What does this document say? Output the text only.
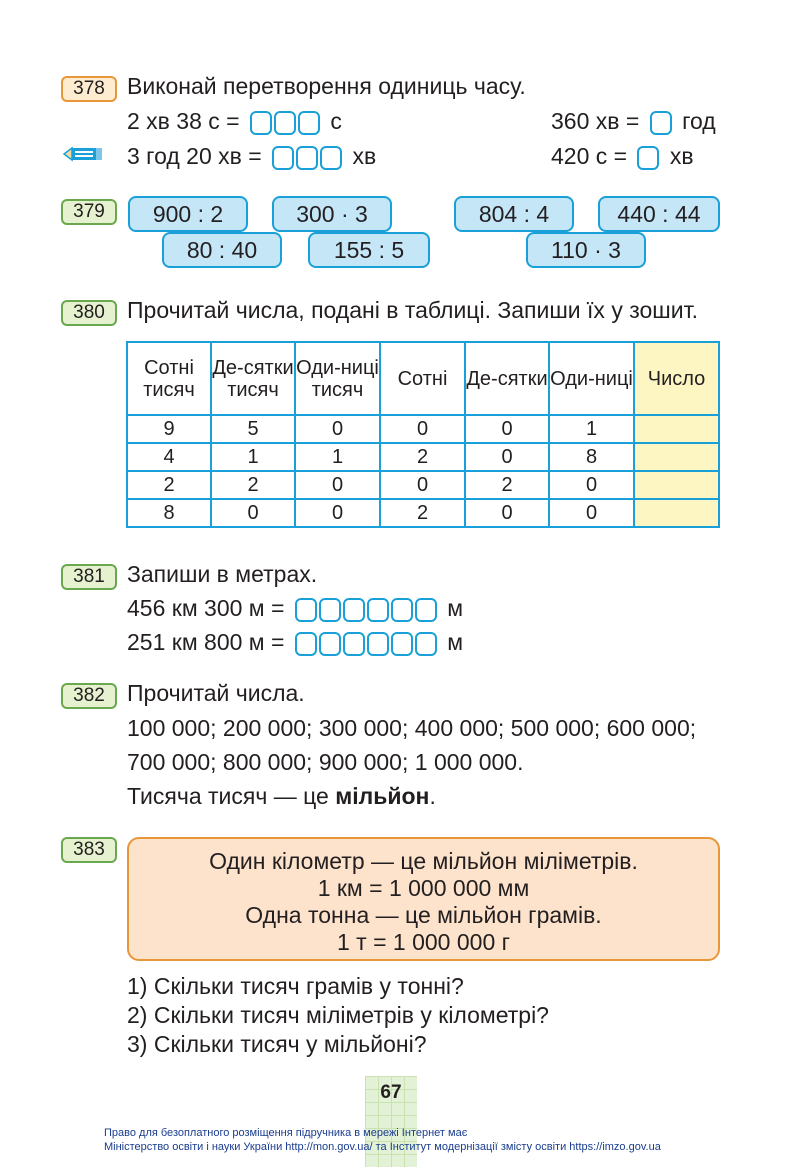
378 Виконай перетворення одиниць часу.
2 хв 38 с =	с	360 хв = год
3 год 20 хв =	хв	420 с = хв
379	900 : 2	300 · 3	804 : 4	440 : 44
80 : 40	155 : 5	110 · 3
380 Прочитай числа, подані в таблиці. Запиши їх у зошит.
Сотні тисяч	Де-сятки тисяч	Оди-ниці тисяч	Сотні	Де-сятки	Оди-ниці	Число
9	5	0	0	0	1	
4	1	1	2	0	8	
2	2	0	0	2	0	
8	0	0	2	0	0	
381 Запиши в метрах.
456 км 300 м =	м
251 км 800 м =	м
382 Прочитай числа.
100 000; 200 000; 300 000; 400 000; 500 000; 600 000;
700 000; 800 000; 900 000; 1 000 000.
Тисяча тисяч — це мільйон.
383	Один кілометр — це мільйон міліметрів.
1 км = 1 000 000 мм
Одна тонна — це мільйон грамів.
1 т = 1 000 000 г
1) Скільки тисяч грамів у тонні?
2) Скільки тисяч міліметрів у кілометрі?
3) Скільки тисяч у мільйоні?
67
Право для безоплатного розміщення підручника в мережі Інтернет має
Міністерство освіти і науки України http://mon.gov.ua/ та Інститут модернізації змісту освіти https://imzo.gov.ua
